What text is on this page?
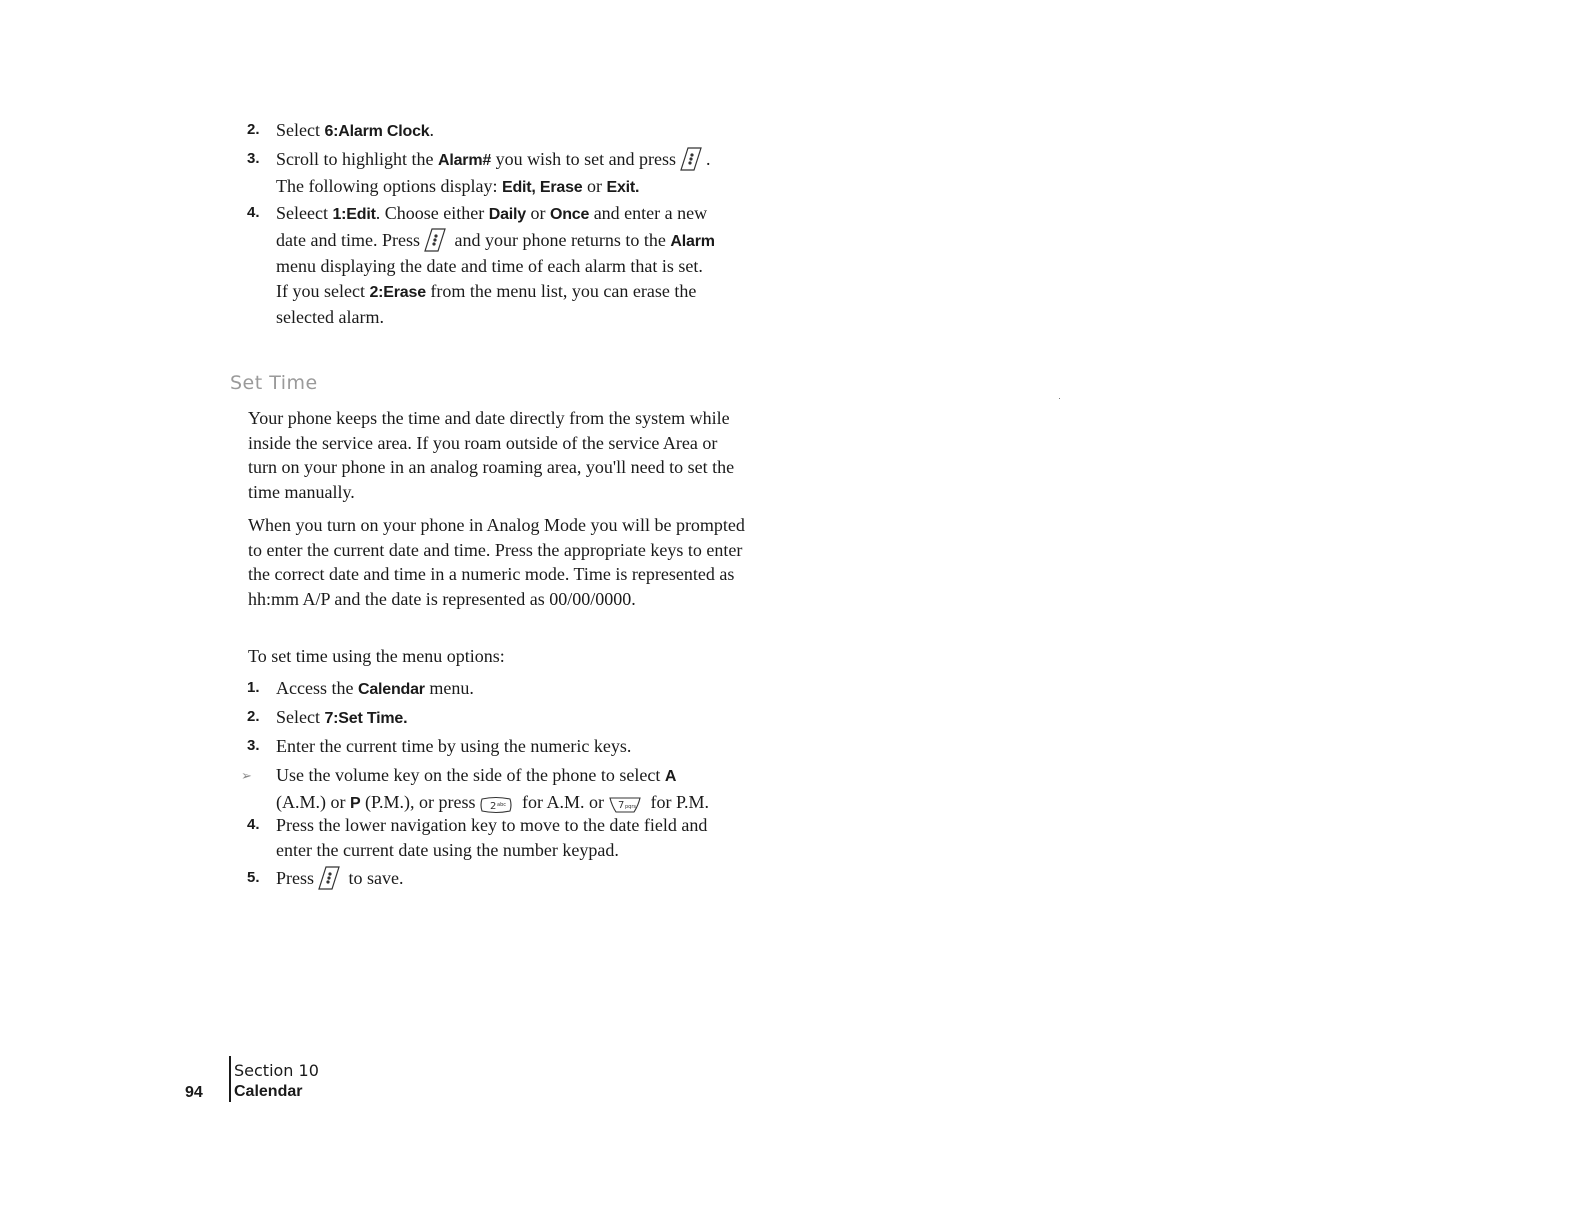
2. Select 6:Alarm Clock.
3. Scroll to highlight the Alarm# you wish to set and press .
The following options display: Edit, Erase or Exit.
4. Seleect 1:Edit. Choose either Daily or Once and enter a new date and time. Press
and your phone returns to the Alarm menu displaying the date and time of each alarm that is set.
If you select 2:Erase from the menu list, you can erase the selected alarm.
Set Time
Your phone keeps the time and date directly from the system while inside the service area. If you roam outside of the service Area or turn on your phone in an analog roaming area, you'll need to set the time manually.
When you turn on your phone in Analog Mode you will be prompted to enter the current date and time. Press the appropriate keys to enter the correct date and time in a numeric mode. Time is represented as hh:mm A/P and the date is represented as 00/00/0000.
To set time using the menu options:
1. Access the Calendar menu.
2. Select 7:Set Time.
3. Enter the current time by using the numeric keys.
➢ Use the volume key on the side of the phone to select A
(A.M.) or P (P.M.), or press 2 abc for A.M. or 7 pqrs for P.M.
4. Press the lower navigation key to move to the date field and enter the current date using the number keypad.
5. Press
to save.
94
Section 10
Calendar
